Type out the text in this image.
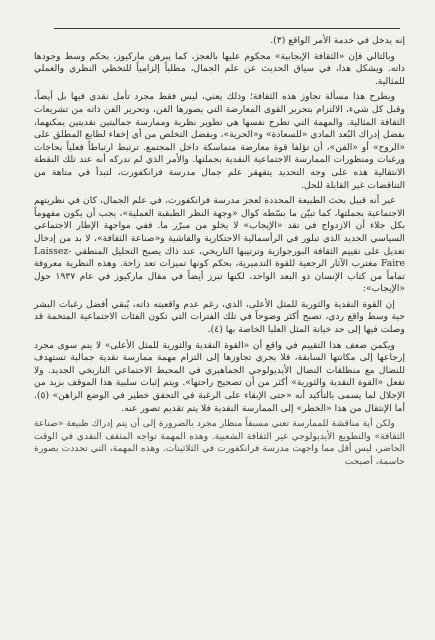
إنه يدخل في خدمة الأمر الواقع (٣).

وبالتالي فإن «الثقافة الإيجابية» محكوم عليها بالعجز، كما يبرهن ماركيوز، بحكم وسط وجودها ذاته. ويشكل هذا، في سياق الحديث عن علم الجمال، مطلباً إلزامياً للتخطي النظري والعملي للمثالية.

ويطرح هذا مسألة تجاوز هذه الثقافة؛ وذلك يعني، ليس فقط مجرد تأمل نقدي فيها بل أيضاً، وقبل كل شيء، الالتزام بتحرير القوى المعارضة التي يصورها الفن، وتحرير الفن ذاته من تشريعات الثقافة المثالية. والمهمة التي تطرح نفسها هي تطوير نظرية وممارسة جماليتين نقديتين يمكنهما، بفضل إدراك البُعد المادي «للسعادة» و«الحرية»، وبفضل التخلص من أي إخفاء لطابع المطلق على «الروح» أو «الفن»، أن تؤلفا قوة معارضة متماسكة داخل المجتمع. ترتبط ارتباطاً فعلياً بحاجات ورغبات ومنظورات الممارسة الاجتماعية النقدية بجملتها. والأمر الذي لم ندركه أنه عند تلك النقطة الانتقالية هذه على وجه التحديد يتقهقر علم جمال مدرسة فرانكفورت، لتبدأ في متاهة من التناقضات غير القابلة للحل.

غير أنه قبيل بحث الطبيعة المحددة لعجز مدرسة فرانكفورت، في علم الجمال، كان في نظريتهم الاجتماعية بجملتها، كما تبيّن ما بسّطه كوال «وجهة النظر الطبقية العملية»، يجب أن يكون مفهوماً بكل جلاء أن الازدواج في نقد «الإيجاب» لا يخلو من مبرّر ما. ففي مواجهة الإطار الاجتماعي السياسي الجديد الذي تبلور في الرأسمالية الاحتكارية والفاشية و«صناعة الثقافة»، لا بد من إدخال تعديل على تقييم الثقافة البورجوازية وترتيبها التاريخي، عند ذاك يصبح التحليل المنطقي Laissez-Faire مغترب الآثار الرجعية للقوة التدميرية، بحكم كونها تميزات تعد زاحة. وهذه النظرية معروفة تماماً من كتاب الإنسان ذو البعد الواحد، لكنها تبرز أيضاً في مقال ماركيوز في عام ١٩٣٧ حول «الإيجاب»:

إن القوة النقدية والثورية للمثل الأعلى، الذي، رغم عدم واقعيته ذاته، يُبقي أفضل رغبات البشر حية وسط واقع ردي، تصبح أكثر وضوحاً في تلك الفترات التي تكون الفئات الاجتماعية المتخمة قد وصلت فيها إلى حد خيانة المثل العليا الخاصة بها (٤).

ويكمن ضعف هذا التقييم في واقع أن «القوة النقدية والثورية للمثل الأعلى» لا يتم سوى مجرد إرجاعها إلى مكانتها السابقة، فلا يجري تجاوزها إلى التزام مهمة ممارسة نقدية جمالية تستهدف للنضال مع منطلقات النضال الأيديولوجي الجماهيري في المحيط الاجتماعي التاريخي الجديد. ولا تفعل «القوة النقدية والثورية» أكثر من أن تصحيح راحتها». ويتم إثبات سلبية هذا الموقف بزيد من الإجلال لما يسمى بالتأكيد أنه «حتى الإبقاء على الرغبة في التحقق خطير في الوضع الراهن» (٥). أما الإنتقال من هذا «الخطر» إلى الممارسة النقدية فلا يتم تقديم تصور عنه.

ولكن أية مناقشة للممارسة تعني مسبقاً منظار مجرد بالضرورة إلى أن يتم إدراك طبيعة «صناعة الثقافة» والتطويع الأيديولوجي غير الثقافة الشعبية. وهذه المهمة تواجه المثقف النقدي في الوقت الحاضر، ليس أقل مما واجهت مدرسة فرانكفورت في الثلاثينات. وهذه المهمة، التي تحددت بصورة حاسمة، أصبحت
